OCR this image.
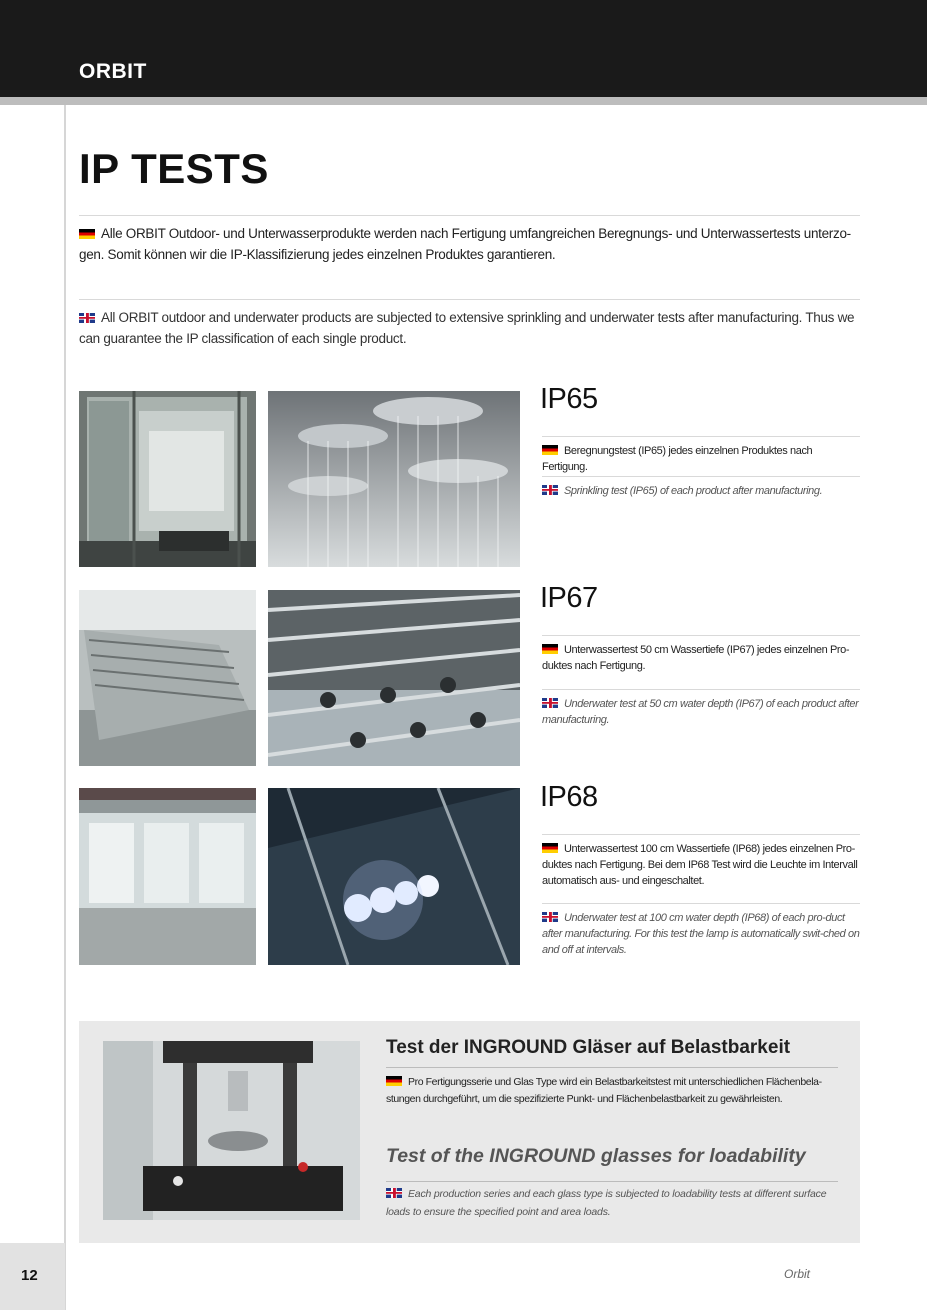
ORBIT
IP TESTS
Alle ORBIT Outdoor- und Unterwasserprodukte werden nach Fertigung umfangreichen Beregnungs- und Unterwassertests unterzo-gen. Somit können wir die IP-Klassifizierung jedes einzelnen Produktes garantieren.
All ORBIT outdoor and underwater products are subjected to extensive sprinkling and underwater tests after manufacturing. Thus we can guarantee the IP classification of each single product.
IP65
Beregnungstest (IP65) jedes einzelnen Produktes nach Fertigung.
Sprinkling test (IP65) of each product after manufacturing.
IP67
Unterwassertest 50 cm Wassertiefe (IP67) jedes einzelnen Pro-duktes nach Fertigung.
Underwater test at 50 cm water depth (IP67) of each product after manufacturing.
IP68
Unterwassertest 100 cm Wassertiefe (IP68) jedes einzelnen Pro-duktes nach Fertigung. Bei dem IP68 Test wird die Leuchte im Intervall automatisch aus- und eingeschaltet.
Underwater test at 100 cm water depth (IP68) of each pro-duct after manufacturing. For this test the lamp is automatically swit-ched on and off at intervals.
Test der INGROUND Gläser auf Belastbarkeit
Pro Fertigungsserie und Glas Type wird ein Belastbarkeitstest mit unterschiedlichen Flächenbela-stungen durchgeführt, um die spezifizierte Punkt- und Flächenbelastbarkeit zu gewährleisten.
Test of the INGROUND glasses for loadability
Each production series and each glass type is subjected to loadability tests at different surface loads to ensure the specified point and area loads.
12	Orbit
